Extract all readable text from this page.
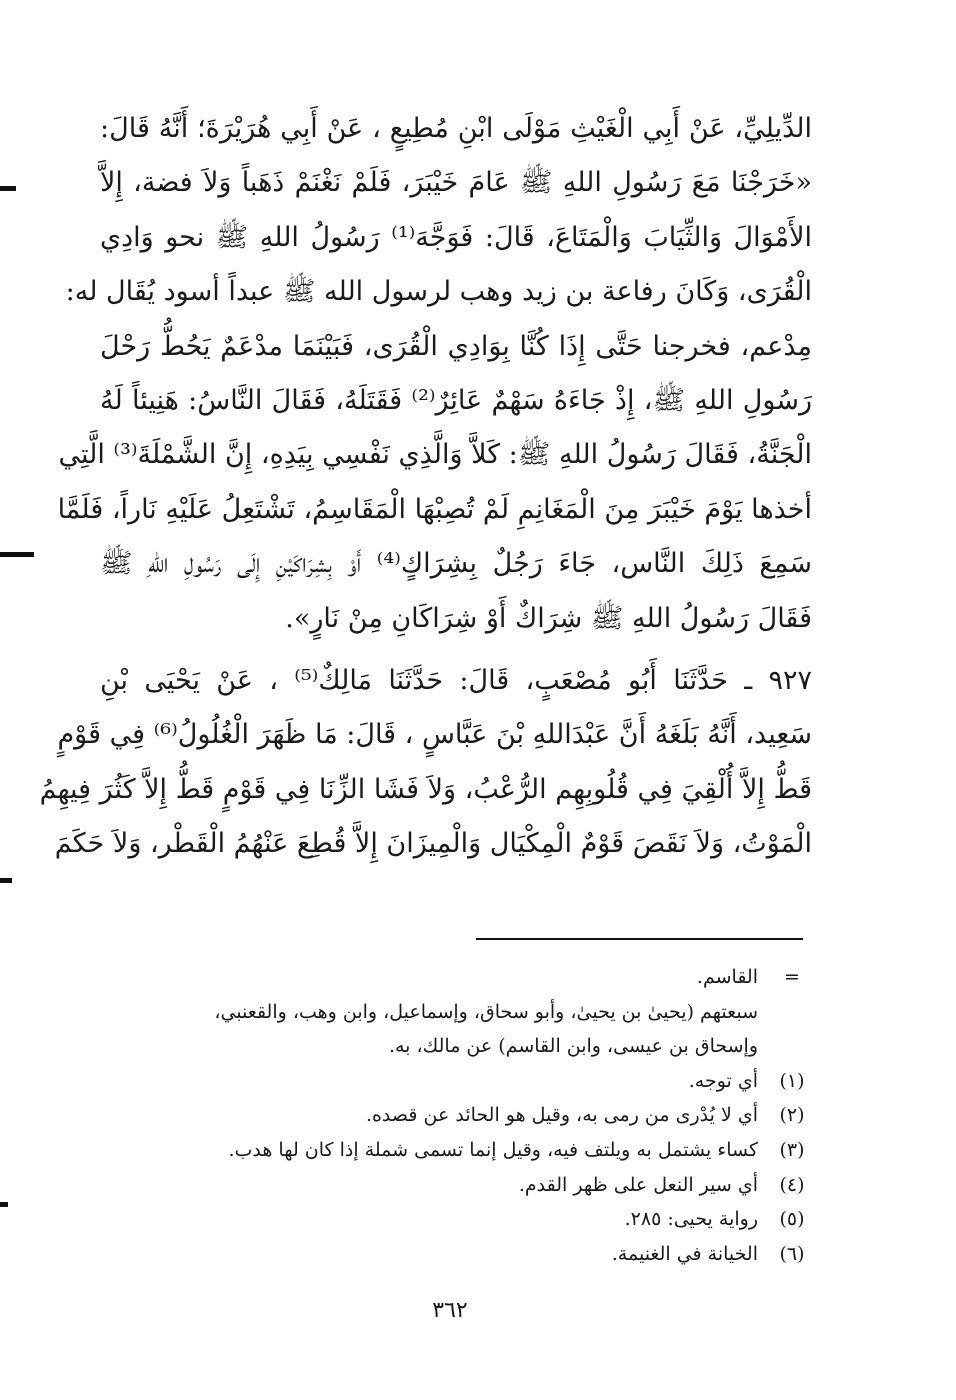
الدِّيلِيِّ، عَنْ أَبِي الْغَيْثِ مَوْلَى ابْنِ مُطِيعٍ ، عَنْ أَبِي هُرَيْرَةَ؛ أَنَّهُ قَالَ:
«خَرَجْنَا مَعَ رَسُولِ اللهِ ﷺ عَامَ خَيْبَرَ، فَلَمْ نَغْنَمْ ذَهَباً وَلاَ فضة، إِلاَّ
الأَمْوَالَ وَالثِّيَابَ وَالْمَتَاعَ، قَالَ: فَوَجَّهَ⁽¹⁾ رَسُولُ اللهِ ﷺ نحو وَادِي
الْقُرَى، وَكَانَ رفاعة بن زيد وهب لرسول الله ﷺ عبداً أسود يُقَال له:
مِدْعم، فخرجنا حَتَّى إِذَا كُنَّا بِوَادِي الْقُرَى، فَبَيْنَمَا مدْعَمٌ يَحُطُّ رَحْلَ
رَسُولِ اللهِ ﷺ، إِذْ جَاءَهُ سَهْمٌ عَائِرٌ⁽²⁾ فَقَتَلَهُ، فَقَالَ النَّاسُ: هَنِيئاً لَهُ
الْجَنَّةُ، فَقَالَ رَسُولُ اللهِ ﷺ: كَلاَّ وَالَّذِي نَفْسِي بِيَدِهِ، إِنَّ الشَّمْلَةَ⁽³⁾ الَّتِي
أخذها يَوْمَ خَيْبَرَ مِنَ الْمَغَانِمِ لَمْ تُصِبْهَا الْمَقَاسِمُ، تَشْتَعِلُ عَلَيْهِ نَاراً، فَلَمَّا
سَمِعَ ذَلِكَ النَّاس، جَاءَ رَجُلٌ بِشِرَاكٍ⁽⁴⁾ أَوْ بِشِرَاكَيْنِ إِلَى رَسُولِ اللهِ ﷺ
فَقَالَ رَسُولُ اللهِ ﷺ شِرَاكٌ أَوْ شِرَاكَانِ مِنْ نَارٍ».
٩٢٧ ـ حَدَّثَنَا أَبُو مُصْعَبٍ، قَالَ: حَدَّثَنَا مَالِكٌ⁽⁵⁾ ، عَنْ يَحْيَى بْنِ
سَعِيد، أَنَّهُ بَلَغَهُ أَنَّ عَبْدَاللهِ بْنَ عَبَّاسٍ ، قَالَ: مَا ظَهَرَ الْغُلُولُ⁽⁶⁾ فِي قَوْمٍ
قَطُّ إِلاَّ أُلْقِيَ فِي قُلُوبِهِم الرُّعْبُ، وَلاَ فَشَا الزِّنَا فِي قَوْمٍ قَطُّ إِلاَّ كَثُرَ فِيهِمُ
الْمَوْتُ، وَلاَ نَقَصَ قَوْمٌ الْمِكْيَال وَالْمِيزَانَ إِلاَّ قُطِعَ عَنْهُمُ الْقَطْر، وَلاَ حَكَمَ
=
القاسم.
سبعتهم (يحيىٰ بن يحيىٰ، وأبو سحاق، وإسماعيل، وابن وهب، والقعنبي،
وإسحاق بن عيسى، وابن القاسم) عن مالك، به.
(١)
أي توجه.
(٢)
أي لا يُدْرى من رمى به، وقيل هو الحائد عن قصده.
(٣)
كساء يشتمل به ويلتف فيه، وقيل إنما تسمى شملة إذا كان لها هدب.
(٤)
أي سير النعل على ظهر القدم.
(٥)
رواية يحيى: ٢٨٥.
(٦)
الخيانة في الغنيمة.
٣٦٢
